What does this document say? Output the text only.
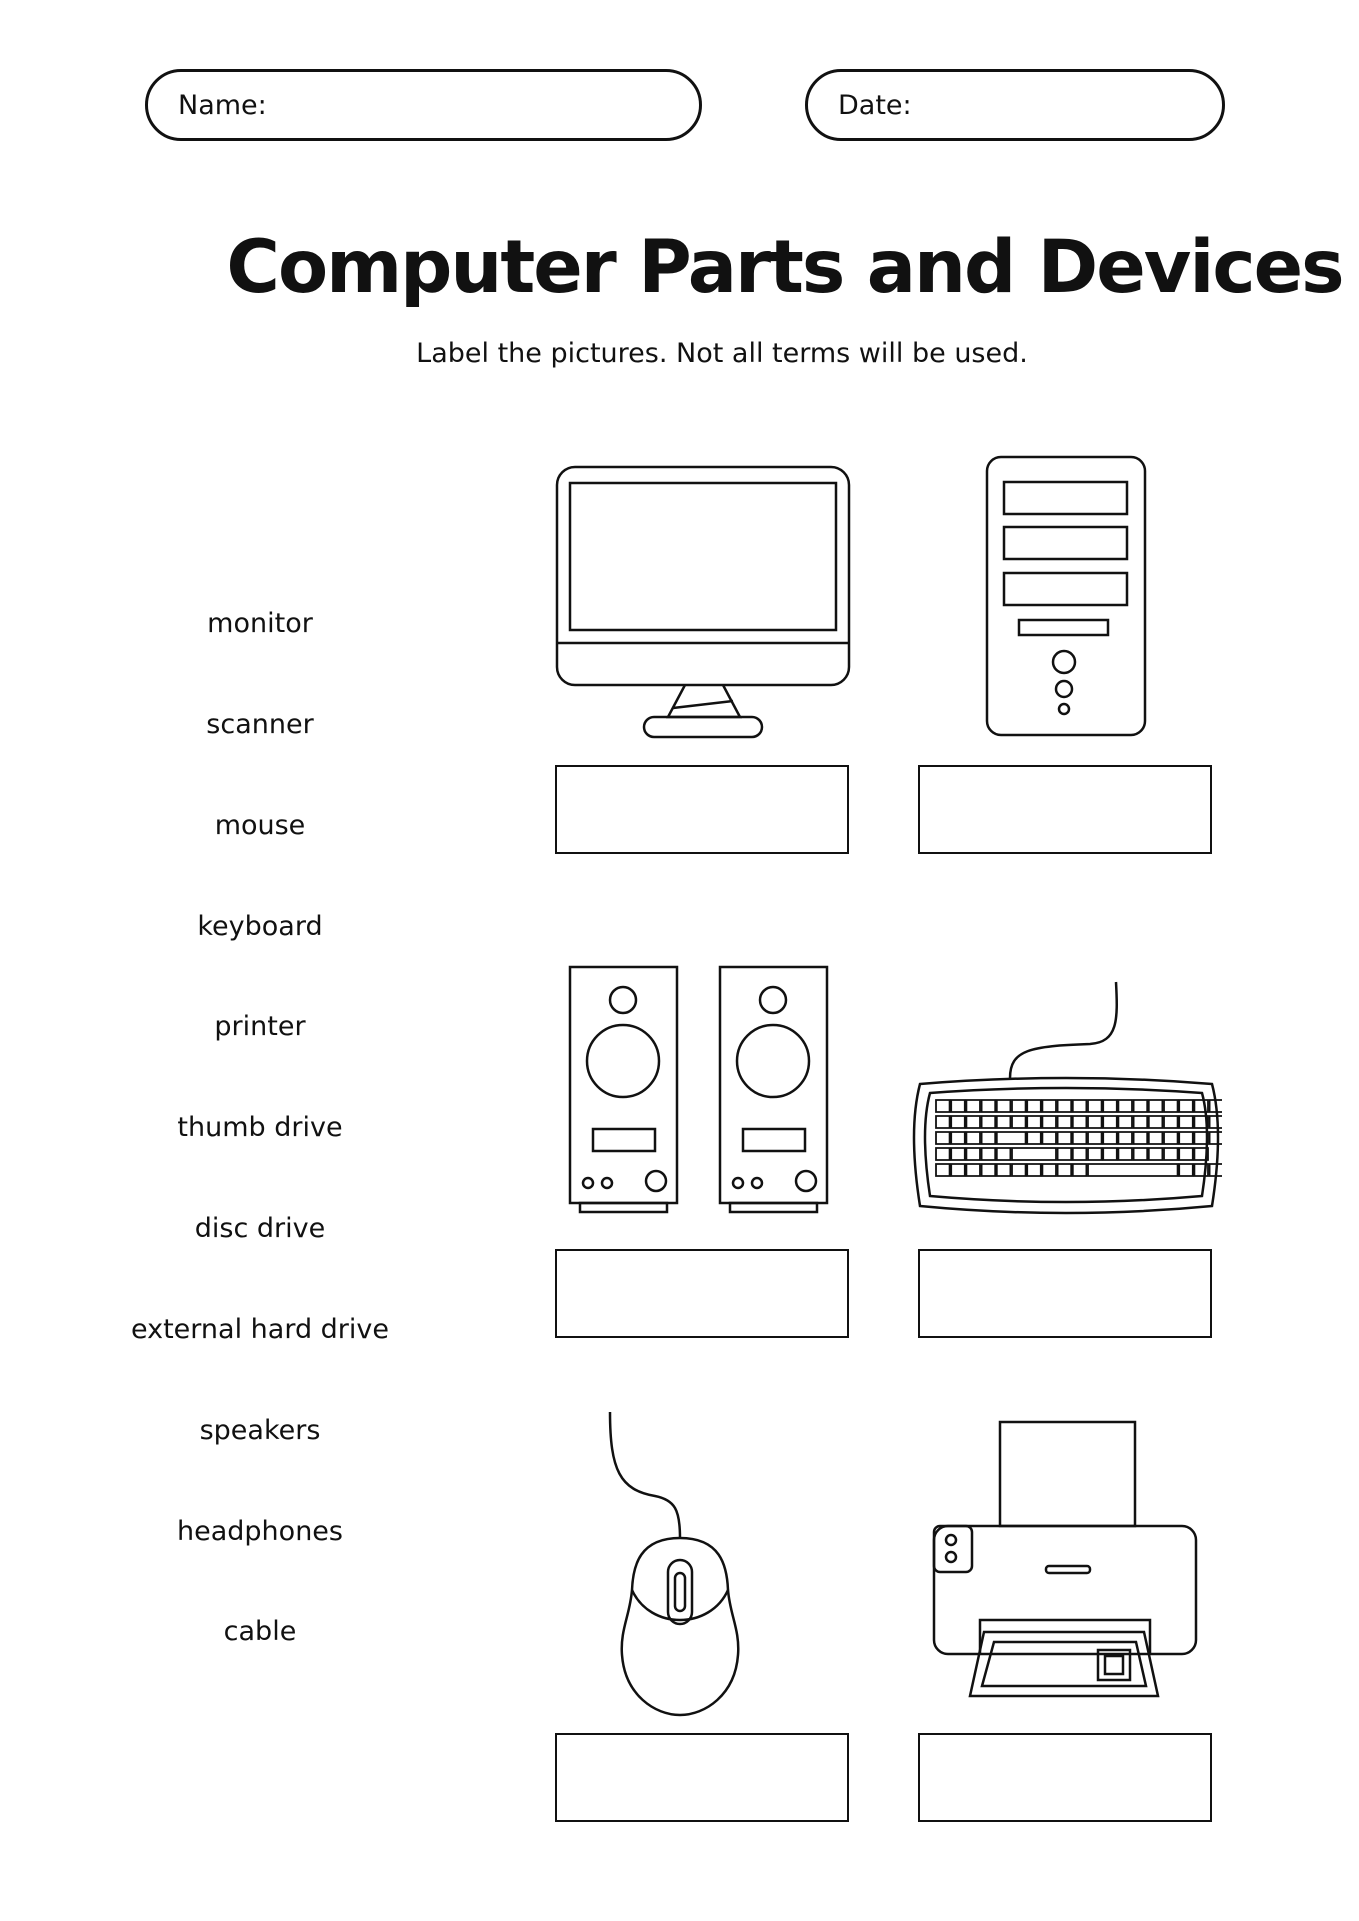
Name:	Date:
Computer Parts and Devices
Label the pictures. Not all terms will be used.
monitor
scanner
mouse
keyboard
printer
thumb drive
disc drive
external hard drive
speakers
headphones
cable
